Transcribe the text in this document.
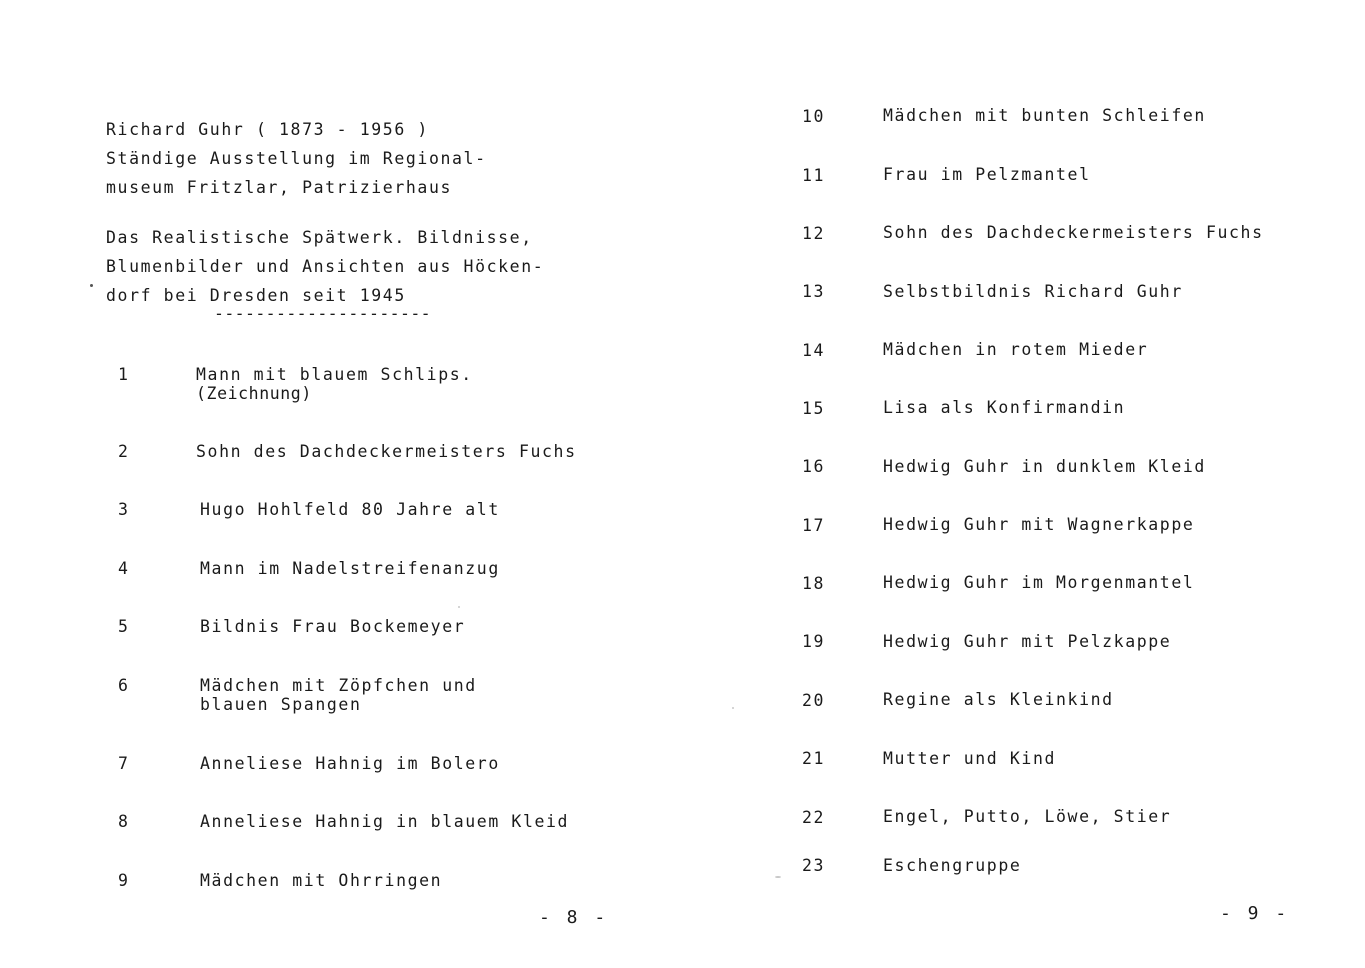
Richard Guhr ( 1873 - 1956 )
Ständige Ausstellung im Regional-
museum Fritzlar, Patrizierhaus
Das Realistische Spätwerk. Bildnisse,
Blumenbilder und Ansichten aus Höcken-
dorf bei Dresden seit 1945
---------------------
1	Mann mit blauem Schlips.
(Zeichnung)
2	Sohn des Dachdeckermeisters Fuchs
3	Hugo Hohlfeld 80 Jahre alt
4	Mann im Nadelstreifenanzug
5	Bildnis Frau Bockemeyer
6	Mädchen mit Zöpfchen und
blauen Spangen
7	Anneliese Hahnig im Bolero
8	Anneliese Hahnig in blauem Kleid
9	Mädchen mit Ohrringen
- 8 -
10	Mädchen mit bunten Schleifen
11	Frau im Pelzmantel
12	Sohn des Dachdeckermeisters Fuchs
13	Selbstbildnis Richard Guhr
14	Mädchen in rotem Mieder
15	Lisa als Konfirmandin
16	Hedwig Guhr in dunklem Kleid
17	Hedwig Guhr mit Wagnerkappe
18	Hedwig Guhr im Morgenmantel
19	Hedwig Guhr mit Pelzkappe
20	Regine als Kleinkind
21	Mutter und Kind
22	Engel, Putto, Löwe, Stier
23	Eschengruppe
- 9 -
